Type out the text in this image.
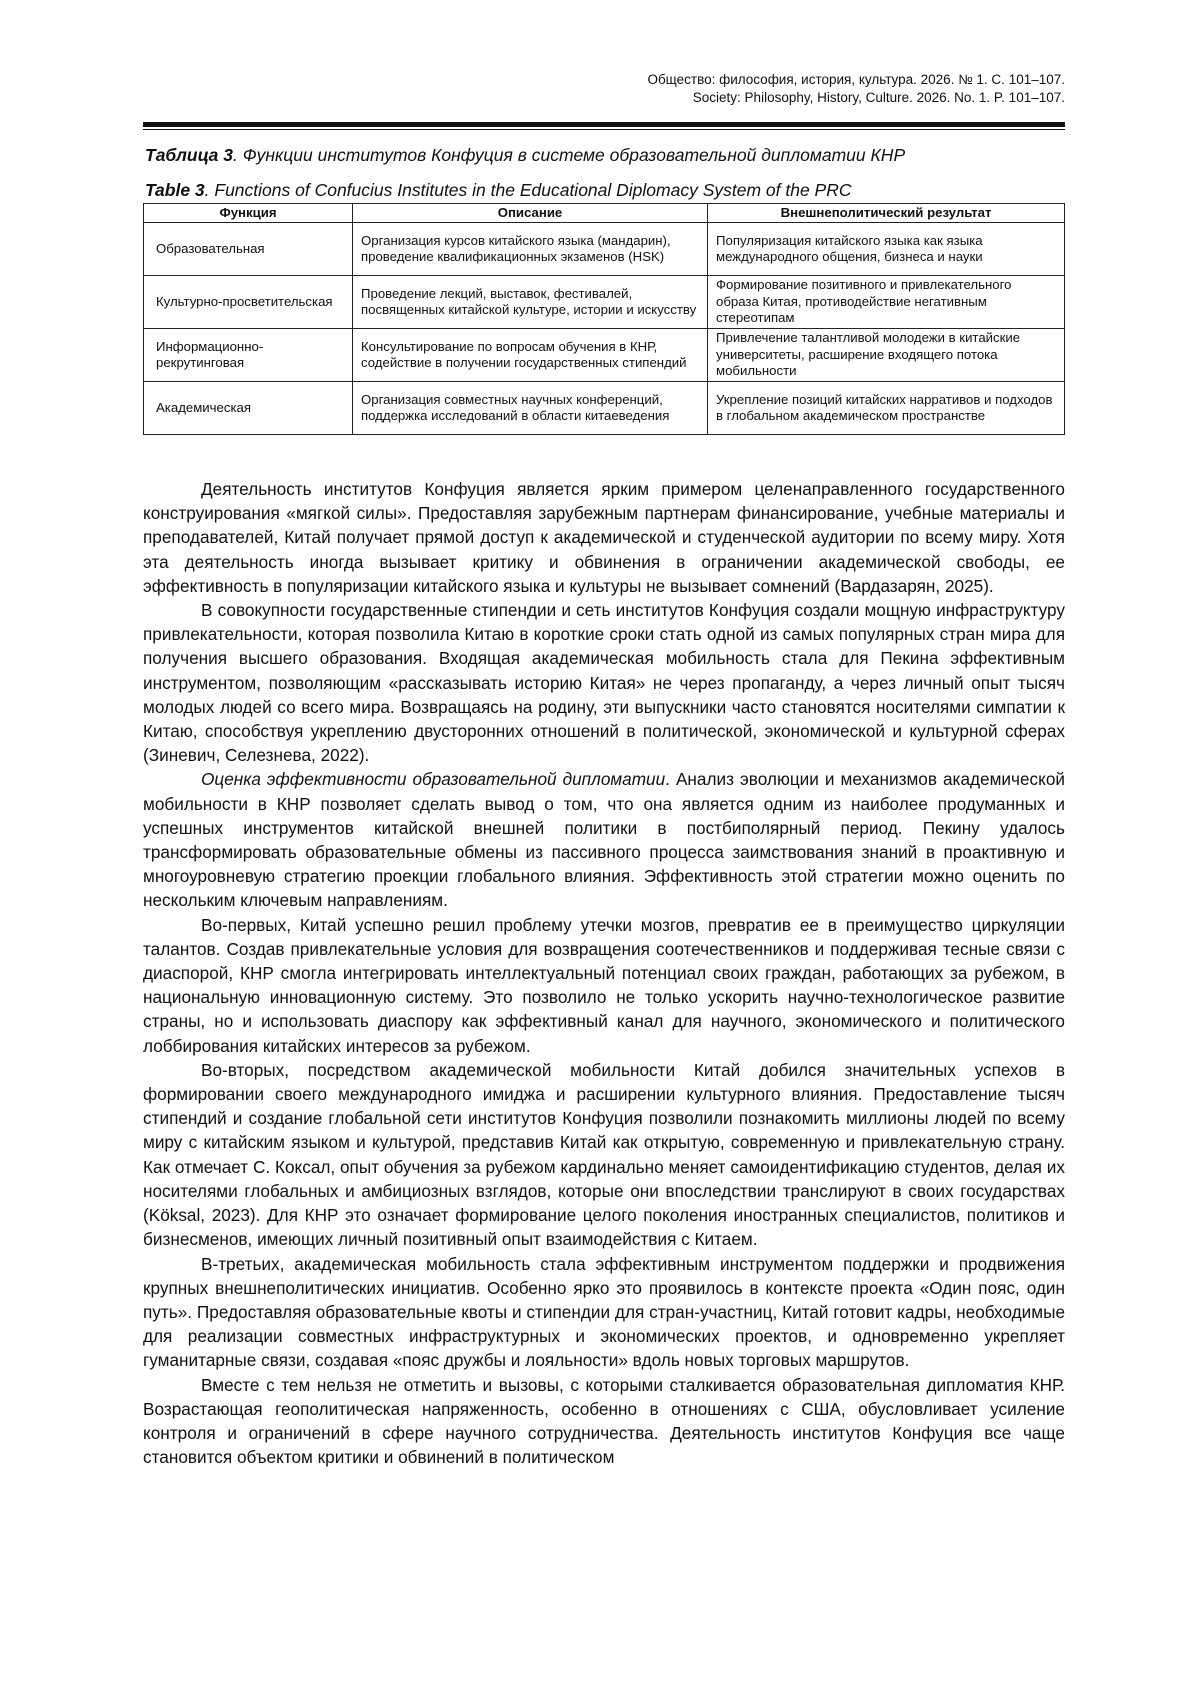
Общество: философия, история, культура. 2026. № 1. С. 101–107.
Society: Philosophy, History, Culture. 2026. No. 1. P. 101–107.
Таблица 3. Функции институтов Конфуция в системе образовательной дипломатии КНР
Table 3. Functions of Confucius Institutes in the Educational Diplomacy System of the PRC
Функция	Описание	Внешнеполитический результат
Образовательная	Организация курсов китайского языка (мандарин), проведение квалификационных экзаменов (HSK)	Популяризация китайского языка как языка международного общения, бизнеса и науки
Культурно-просветительская	Проведение лекций, выставок, фестивалей, посвященных китайской культуре, истории и искусству	Формирование позитивного и привлекательного образа Китая, противодействие негативным стереотипам
Информационно-рекрутинговая	Консультирование по вопросам обучения в КНР, содействие в получении государственных стипендий	Привлечение талантливой молодежи в китайские университеты, расширение входящего потока мобильности
Академическая	Организация совместных научных конференций, поддержка исследований в области китаеведения	Укрепление позиций китайских нарративов и подходов в глобальном академическом пространстве

Деятельность институтов Конфуция является ярким примером целенаправленного государственного конструирования «мягкой силы». Предоставляя зарубежным партнерам финансирование, учебные материалы и преподавателей, Китай получает прямой доступ к академической и студенческой аудитории по всему миру. Хотя эта деятельность иногда вызывает критику и обвинения в ограничении академической свободы, ее эффективность в популяризации китайского языка и культуры не вызывает сомнений (Вардазарян, 2025).

В совокупности государственные стипендии и сеть институтов Конфуция создали мощную инфраструктуру привлекательности, которая позволила Китаю в короткие сроки стать одной из самых популярных стран мира для получения высшего образования. Входящая академическая мобильность стала для Пекина эффективным инструментом, позволяющим «рассказывать историю Китая» не через пропаганду, а через личный опыт тысяч молодых людей со всего мира. Возвращаясь на родину, эти выпускники часто становятся носителями симпатии к Китаю, способствуя укреплению двусторонних отношений в политической, экономической и культурной сферах (Зиневич, Селезнева, 2022).

Оценка эффективности образовательной дипломатии. Анализ эволюции и механизмов академической мобильности в КНР позволяет сделать вывод о том, что она является одним из наиболее продуманных и успешных инструментов китайской внешней политики в постбиполярный период. Пекину удалось трансформировать образовательные обмены из пассивного процесса заимствования знаний в проактивную и многоуровневую стратегию проекции глобального влияния. Эффективность этой стратегии можно оценить по нескольким ключевым направлениям.

Во-первых, Китай успешно решил проблему утечки мозгов, превратив ее в преимущество циркуляции талантов. Создав привлекательные условия для возвращения соотечественников и поддерживая тесные связи с диаспорой, КНР смогла интегрировать интеллектуальный потенциал своих граждан, работающих за рубежом, в национальную инновационную систему. Это позволило не только ускорить научно-технологическое развитие страны, но и использовать диаспору как эффективный канал для научного, экономического и политического лоббирования китайских интересов за рубежом.

Во-вторых, посредством академической мобильности Китай добился значительных успехов в формировании своего международного имиджа и расширении культурного влияния. Предоставление тысяч стипендий и создание глобальной сети институтов Конфуция позволили познакомить миллионы людей по всему миру с китайским языком и культурой, представив Китай как открытую, современную и привлекательную страну. Как отмечает С. Коксал, опыт обучения за рубежом кардинально меняет самоидентификацию студентов, делая их носителями глобальных и амбициозных взглядов, которые они впоследствии транслируют в своих государствах (Köksal, 2023). Для КНР это означает формирование целого поколения иностранных специалистов, политиков и бизнесменов, имеющих личный позитивный опыт взаимодействия с Китаем.

В-третьих, академическая мобильность стала эффективным инструментом поддержки и продвижения крупных внешнеполитических инициатив. Особенно ярко это проявилось в контексте проекта «Один пояс, один путь». Предоставляя образовательные квоты и стипендии для стран-участниц, Китай готовит кадры, необходимые для реализации совместных инфраструктурных и экономических проектов, и одновременно укрепляет гуманитарные связи, создавая «пояс дружбы и лояльности» вдоль новых торговых маршрутов.

Вместе с тем нельзя не отметить и вызовы, с которыми сталкивается образовательная дипломатия КНР. Возрастающая геополитическая напряженность, особенно в отношениях с США, обусловливает усиление контроля и ограничений в сфере научного сотрудничества. Деятельность институтов Конфуция все чаще становится объектом критики и обвинений в политическом
